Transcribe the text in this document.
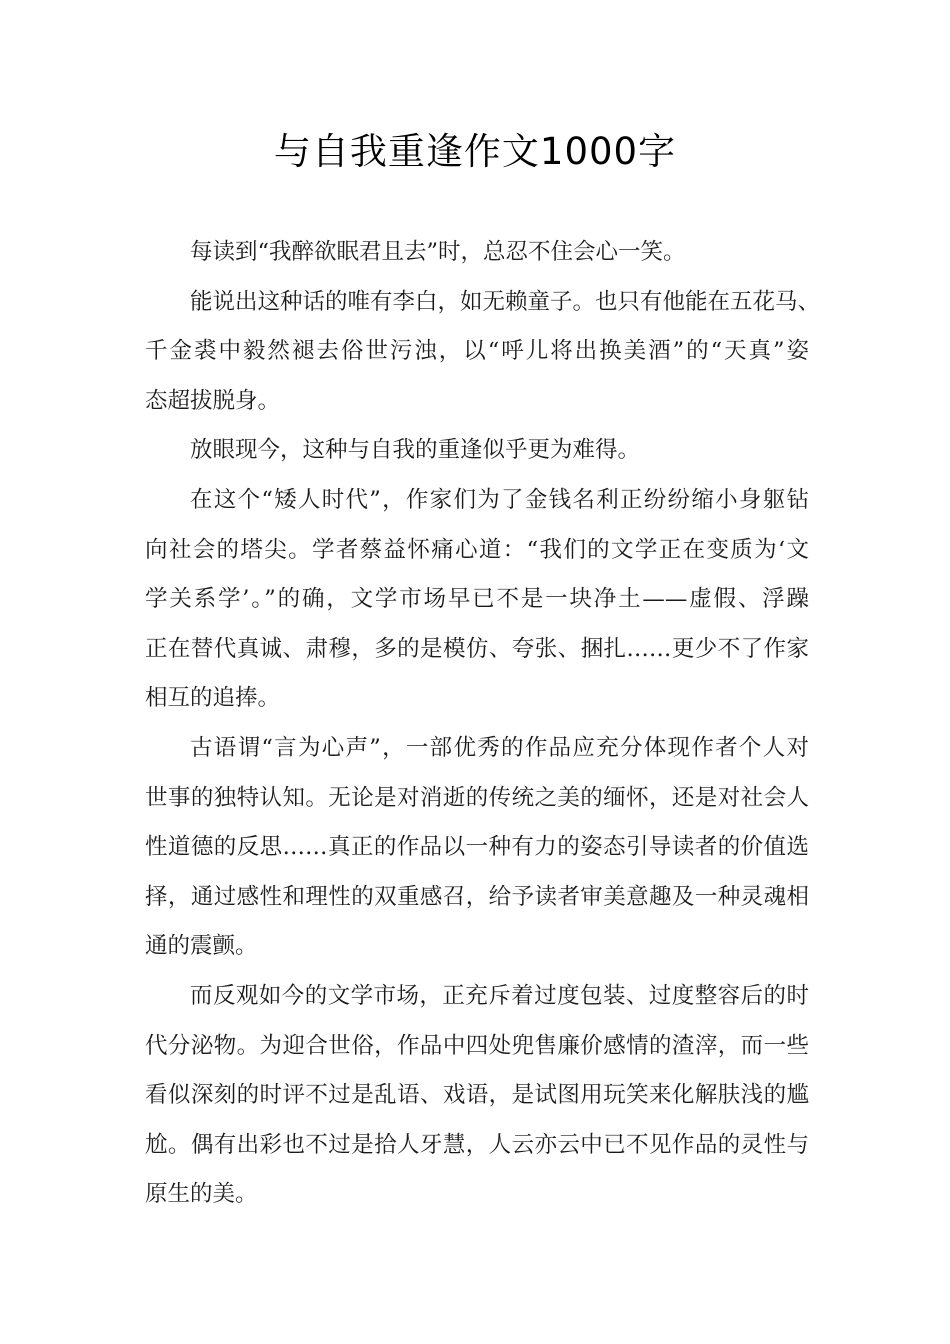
与自我重逢作文1000字
每读到“我醉欲眠君且去”时，总忍不住会心一笑。
能说出这种话的唯有李白，如无赖童子。也只有他能在五花马、
千金裘中毅然褪去俗世污浊，以“呼儿将出换美酒”的“天真”姿
态超拔脱身。
放眼现今，这种与自我的重逢似乎更为难得。
在这个“矮人时代”，作家们为了金钱名利正纷纷缩小身躯钻
向社会的塔尖。学者蔡益怀痛心道：“我们的文学正在变质为‘文
学关系学’。”的确，文学市场早已不是一块净土——虚假、浮躁
正在替代真诚、肃穆，多的是模仿、夸张、捆扎……更少不了作家
相互的追捧。
古语谓“言为心声”，一部优秀的作品应充分体现作者个人对
世事的独特认知。无论是对消逝的传统之美的缅怀，还是对社会人
性道德的反思……真正的作品以一种有力的姿态引导读者的价值选
择，通过感性和理性的双重感召，给予读者审美意趣及一种灵魂相
通的震颤。
而反观如今的文学市场，正充斥着过度包装、过度整容后的时
代分泌物。为迎合世俗，作品中四处兜售廉价感情的渣滓，而一些
看似深刻的时评不过是乱语、戏语，是试图用玩笑来化解肤浅的尴
尬。偶有出彩也不过是拾人牙慧，人云亦云中已不见作品的灵性与
原生的美。
